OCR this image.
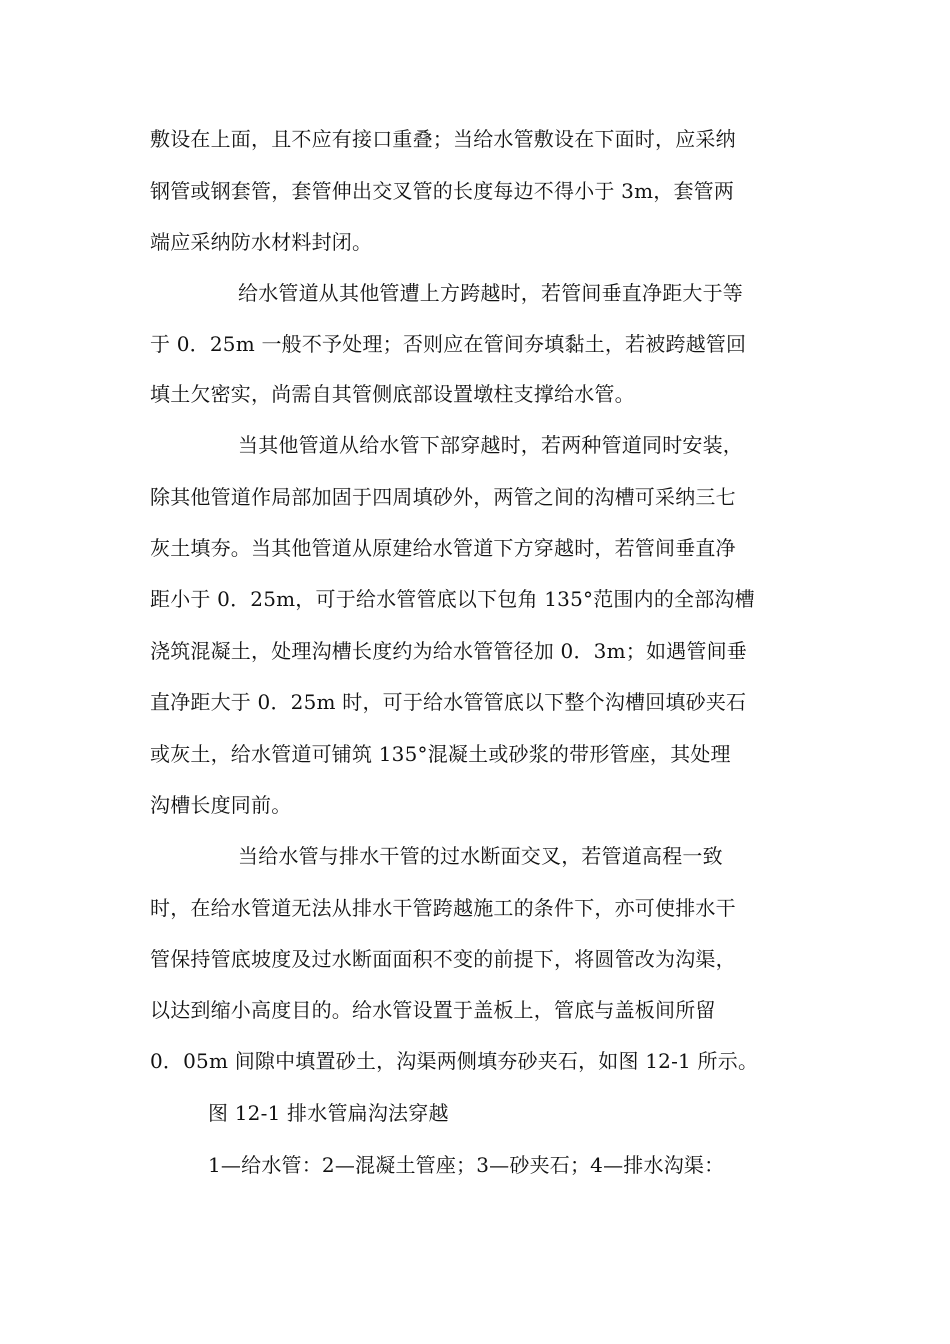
敷设在上面，且不应有接口重叠；当给水管敷设在下面时，应采纳
钢管或钢套管，套管伸出交叉管的长度每边不得小于 3m，套管两
端应采纳防水材料封闭。
给水管道从其他管遭上方跨越时，若管间垂直净距大于等
于 0．25m 一般不予处理；否则应在管间夯填黏土，若被跨越管回
填土欠密实，尚需自其管侧底部设置墩柱支撑给水管。
当其他管道从给水管下部穿越时，若两种管道同时安装，
除其他管道作局部加固于四周填砂外，两管之间的沟槽可采纳三七
灰土填夯。当其他管道从原建给水管道下方穿越时，若管间垂直净
距小于 0．25m，可于给水管管底以下包角 135°范围内的全部沟槽
浇筑混凝土，处理沟槽长度约为给水管管径加 0．3m；如遇管间垂
直净距大于 0．25m 时，可于给水管管底以下整个沟槽回填砂夹石
或灰土，给水管道可铺筑 135°混凝土或砂浆的带形管座，其处理
沟槽长度同前。
当给水管与排水干管的过水断面交叉，若管道高程一致
时，在给水管道无法从排水干管跨越施工的条件下，亦可使排水干
管保持管底坡度及过水断面面积不变的前提下，将圆管改为沟渠，
以达到缩小高度目的。给水管设置于盖板上，管底与盖板间所留
0．05m 间隙中填置砂土，沟渠两侧填夯砂夹石，如图 12-1 所示。
图 12-1 排水管扁沟法穿越
1—给水管：2—混凝土管座；3—砂夹石；4—排水沟渠：
